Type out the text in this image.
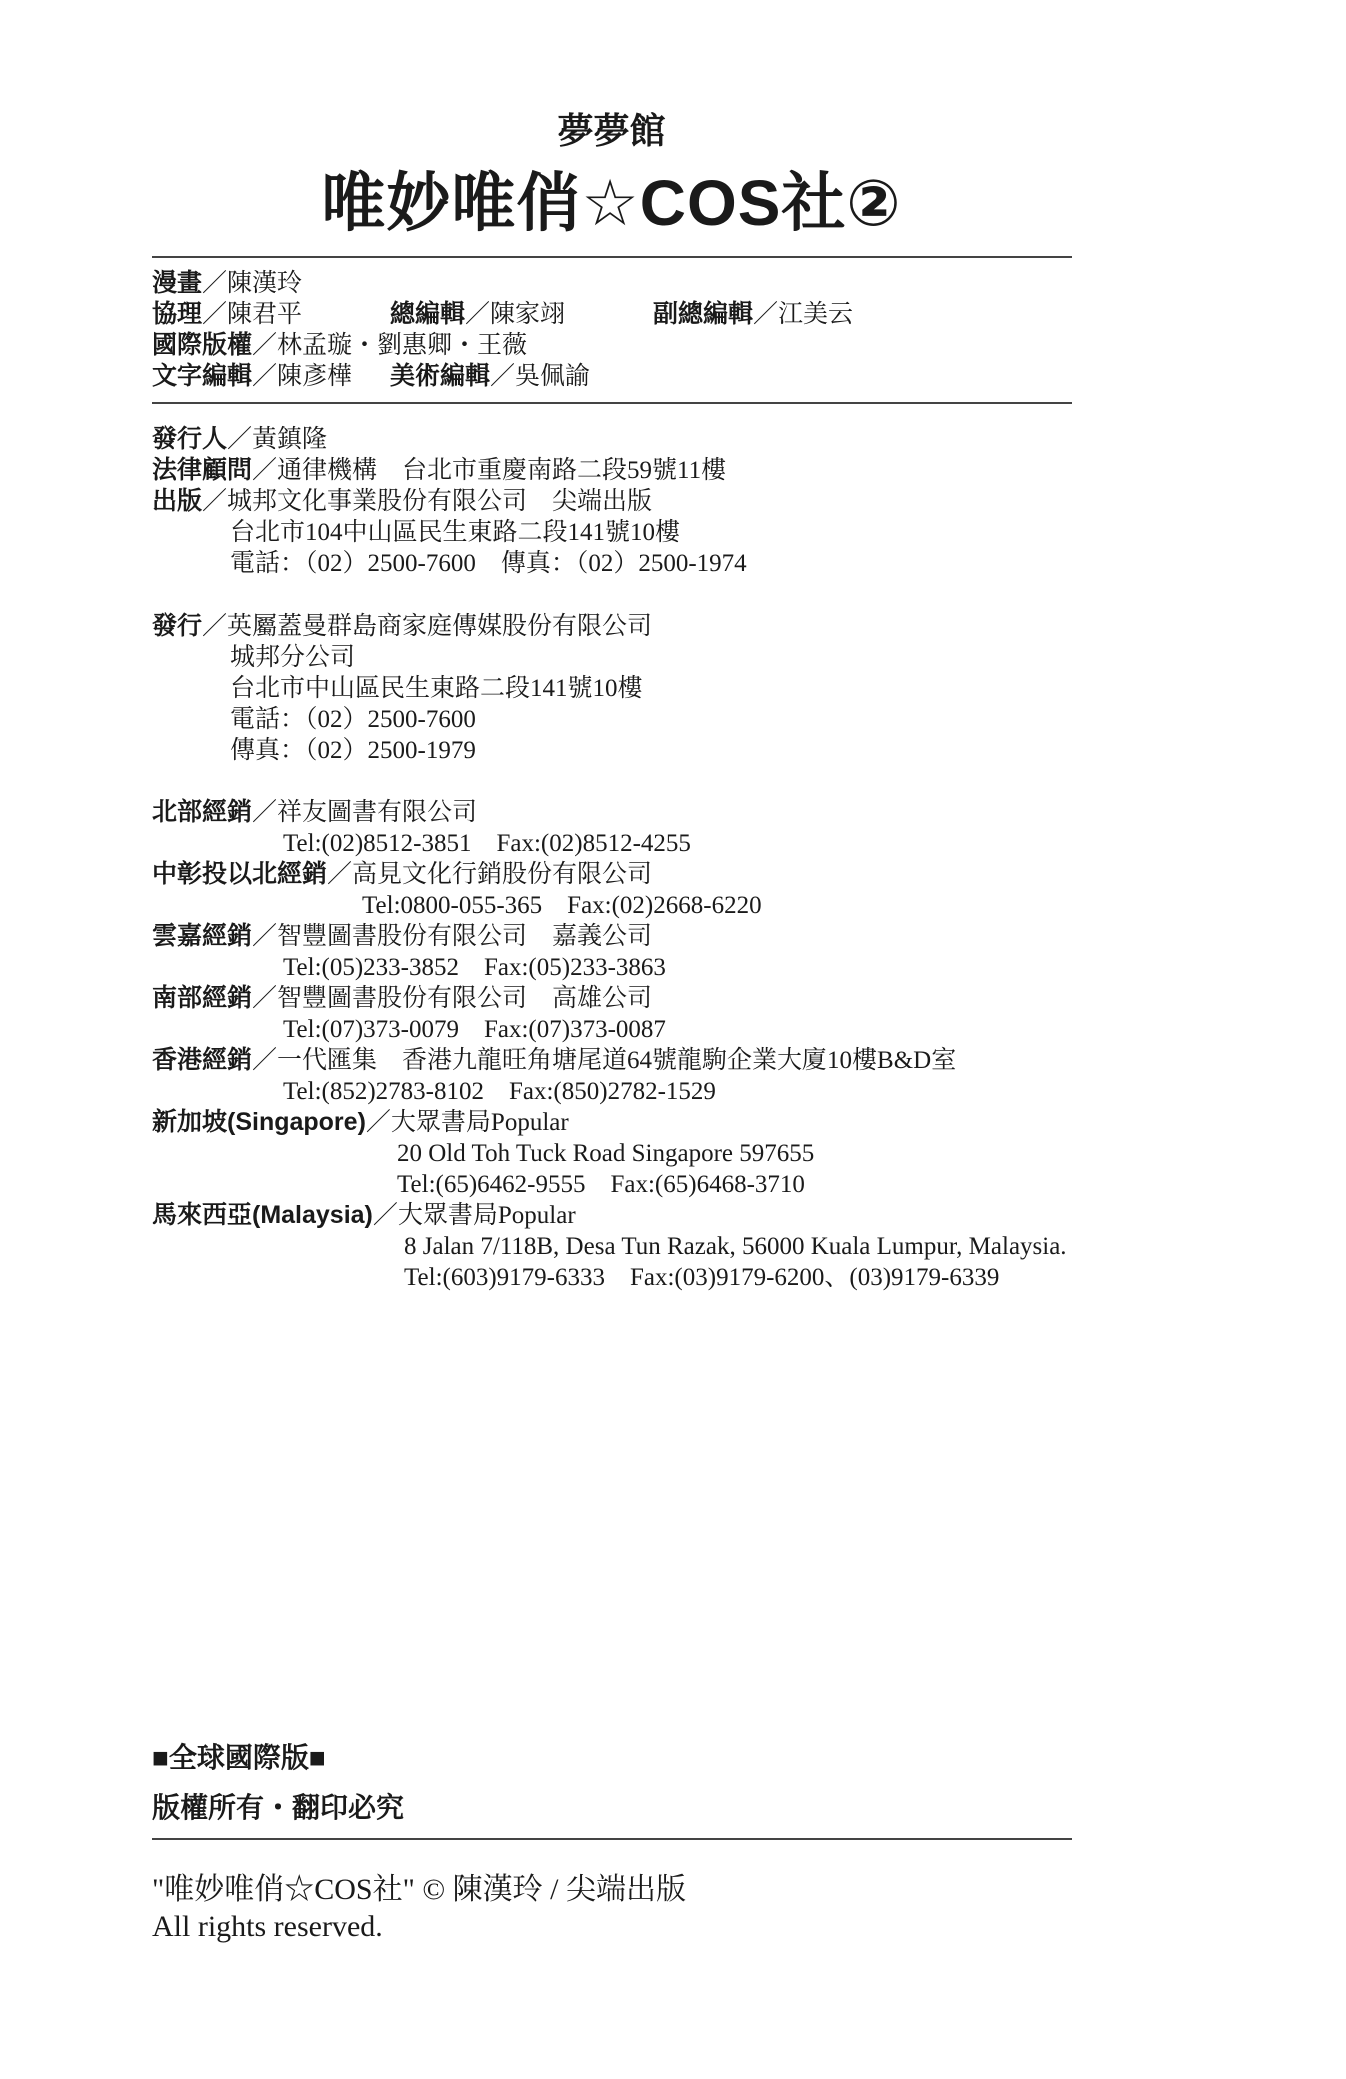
夢夢館
唯妙唯俏☆COS社②
漫畫／陳漢玲
協理／陳君平	總編輯／陳家翊	副總編輯／江美云
國際版權／林孟璇・劉惠卿・王薇
文字編輯／陳彥樺 美術編輯／吳佩諭
發行人／黃鎮隆
法律顧問／通律機構　台北市重慶南路二段59號11樓
出版／城邦文化事業股份有限公司　尖端出版
台北市104中山區民生東路二段141號10樓
電話：（02）2500-7600　傳真：（02）2500-1974
發行／英屬蓋曼群島商家庭傳媒股份有限公司
城邦分公司
台北市中山區民生東路二段141號10樓
電話：（02）2500-7600
傳真：（02）2500-1979
北部經銷／祥友圖書有限公司
Tel:(02)8512-3851　Fax:(02)8512-4255
中彰投以北經銷／高見文化行銷股份有限公司
Tel:0800-055-365　Fax:(02)2668-6220
雲嘉經銷／智豐圖書股份有限公司　嘉義公司
Tel:(05)233-3852　Fax:(05)233-3863
南部經銷／智豐圖書股份有限公司　高雄公司
Tel:(07)373-0079　Fax:(07)373-0087
香港經銷／一代匯集　香港九龍旺角塘尾道64號龍駒企業大廈10樓B&D室
Tel:(852)2783-8102　Fax:(850)2782-1529
新加坡(Singapore)／大眾書局Popular
20 Old Toh Tuck Road Singapore 597655
Tel:(65)6462-9555　Fax:(65)6468-3710
馬來西亞(Malaysia)／大眾書局Popular
8 Jalan 7/118B, Desa Tun Razak, 56000 Kuala Lumpur, Malaysia.
Tel:(603)9179-6333　Fax:(03)9179-6200、(03)9179-6339
■全球國際版■
版權所有・翻印必究
"唯妙唯俏☆COS社" © 陳漢玲 / 尖端出版
All rights reserved.
